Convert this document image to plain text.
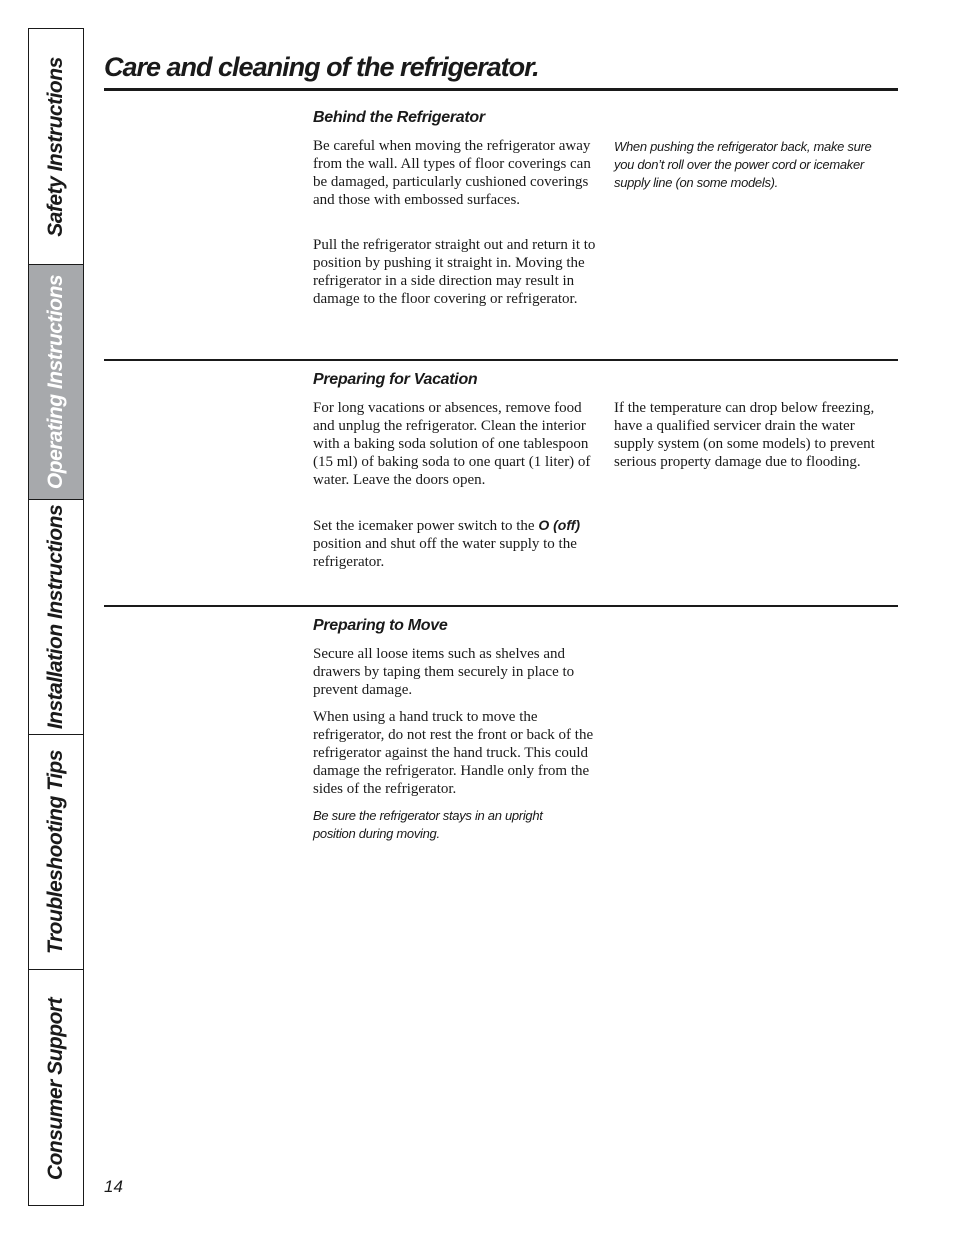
Safety Instructions
Operating Instructions
Installation Instructions
Troubleshooting Tips
Consumer Support
Care and cleaning of the refrigerator.
Behind the Refrigerator

Be careful when moving the refrigerator away from the wall. All types of floor coverings can be damaged, particularly cushioned coverings and those with embossed surfaces.

Pull the refrigerator straight out and return it to position by pushing it straight in. Moving the refrigerator in a side direction may result in damage to the floor covering or refrigerator.

When pushing the refrigerator back, make sure you don’t roll over the power cord or icemaker supply line (on some models).

Preparing for Vacation

For long vacations or absences, remove food and unplug the refrigerator. Clean the interior with a baking soda solution of one tablespoon (15 ml) of baking soda to one quart (1 liter) of water. Leave the doors open.

Set the icemaker power switch to the O (off) position and shut off the water supply to the refrigerator.

If the temperature can drop below freezing, have a qualified servicer drain the water supply system (on some models) to prevent serious property damage due to flooding.

Preparing to Move

Secure all loose items such as shelves and drawers by taping them securely in place to prevent damage.

When using a hand truck to move the refrigerator, do not rest the front or back of the refrigerator against the hand truck. This could damage the refrigerator. Handle only from the sides of the refrigerator.

Be sure the refrigerator stays in an upright position during moving.

14
